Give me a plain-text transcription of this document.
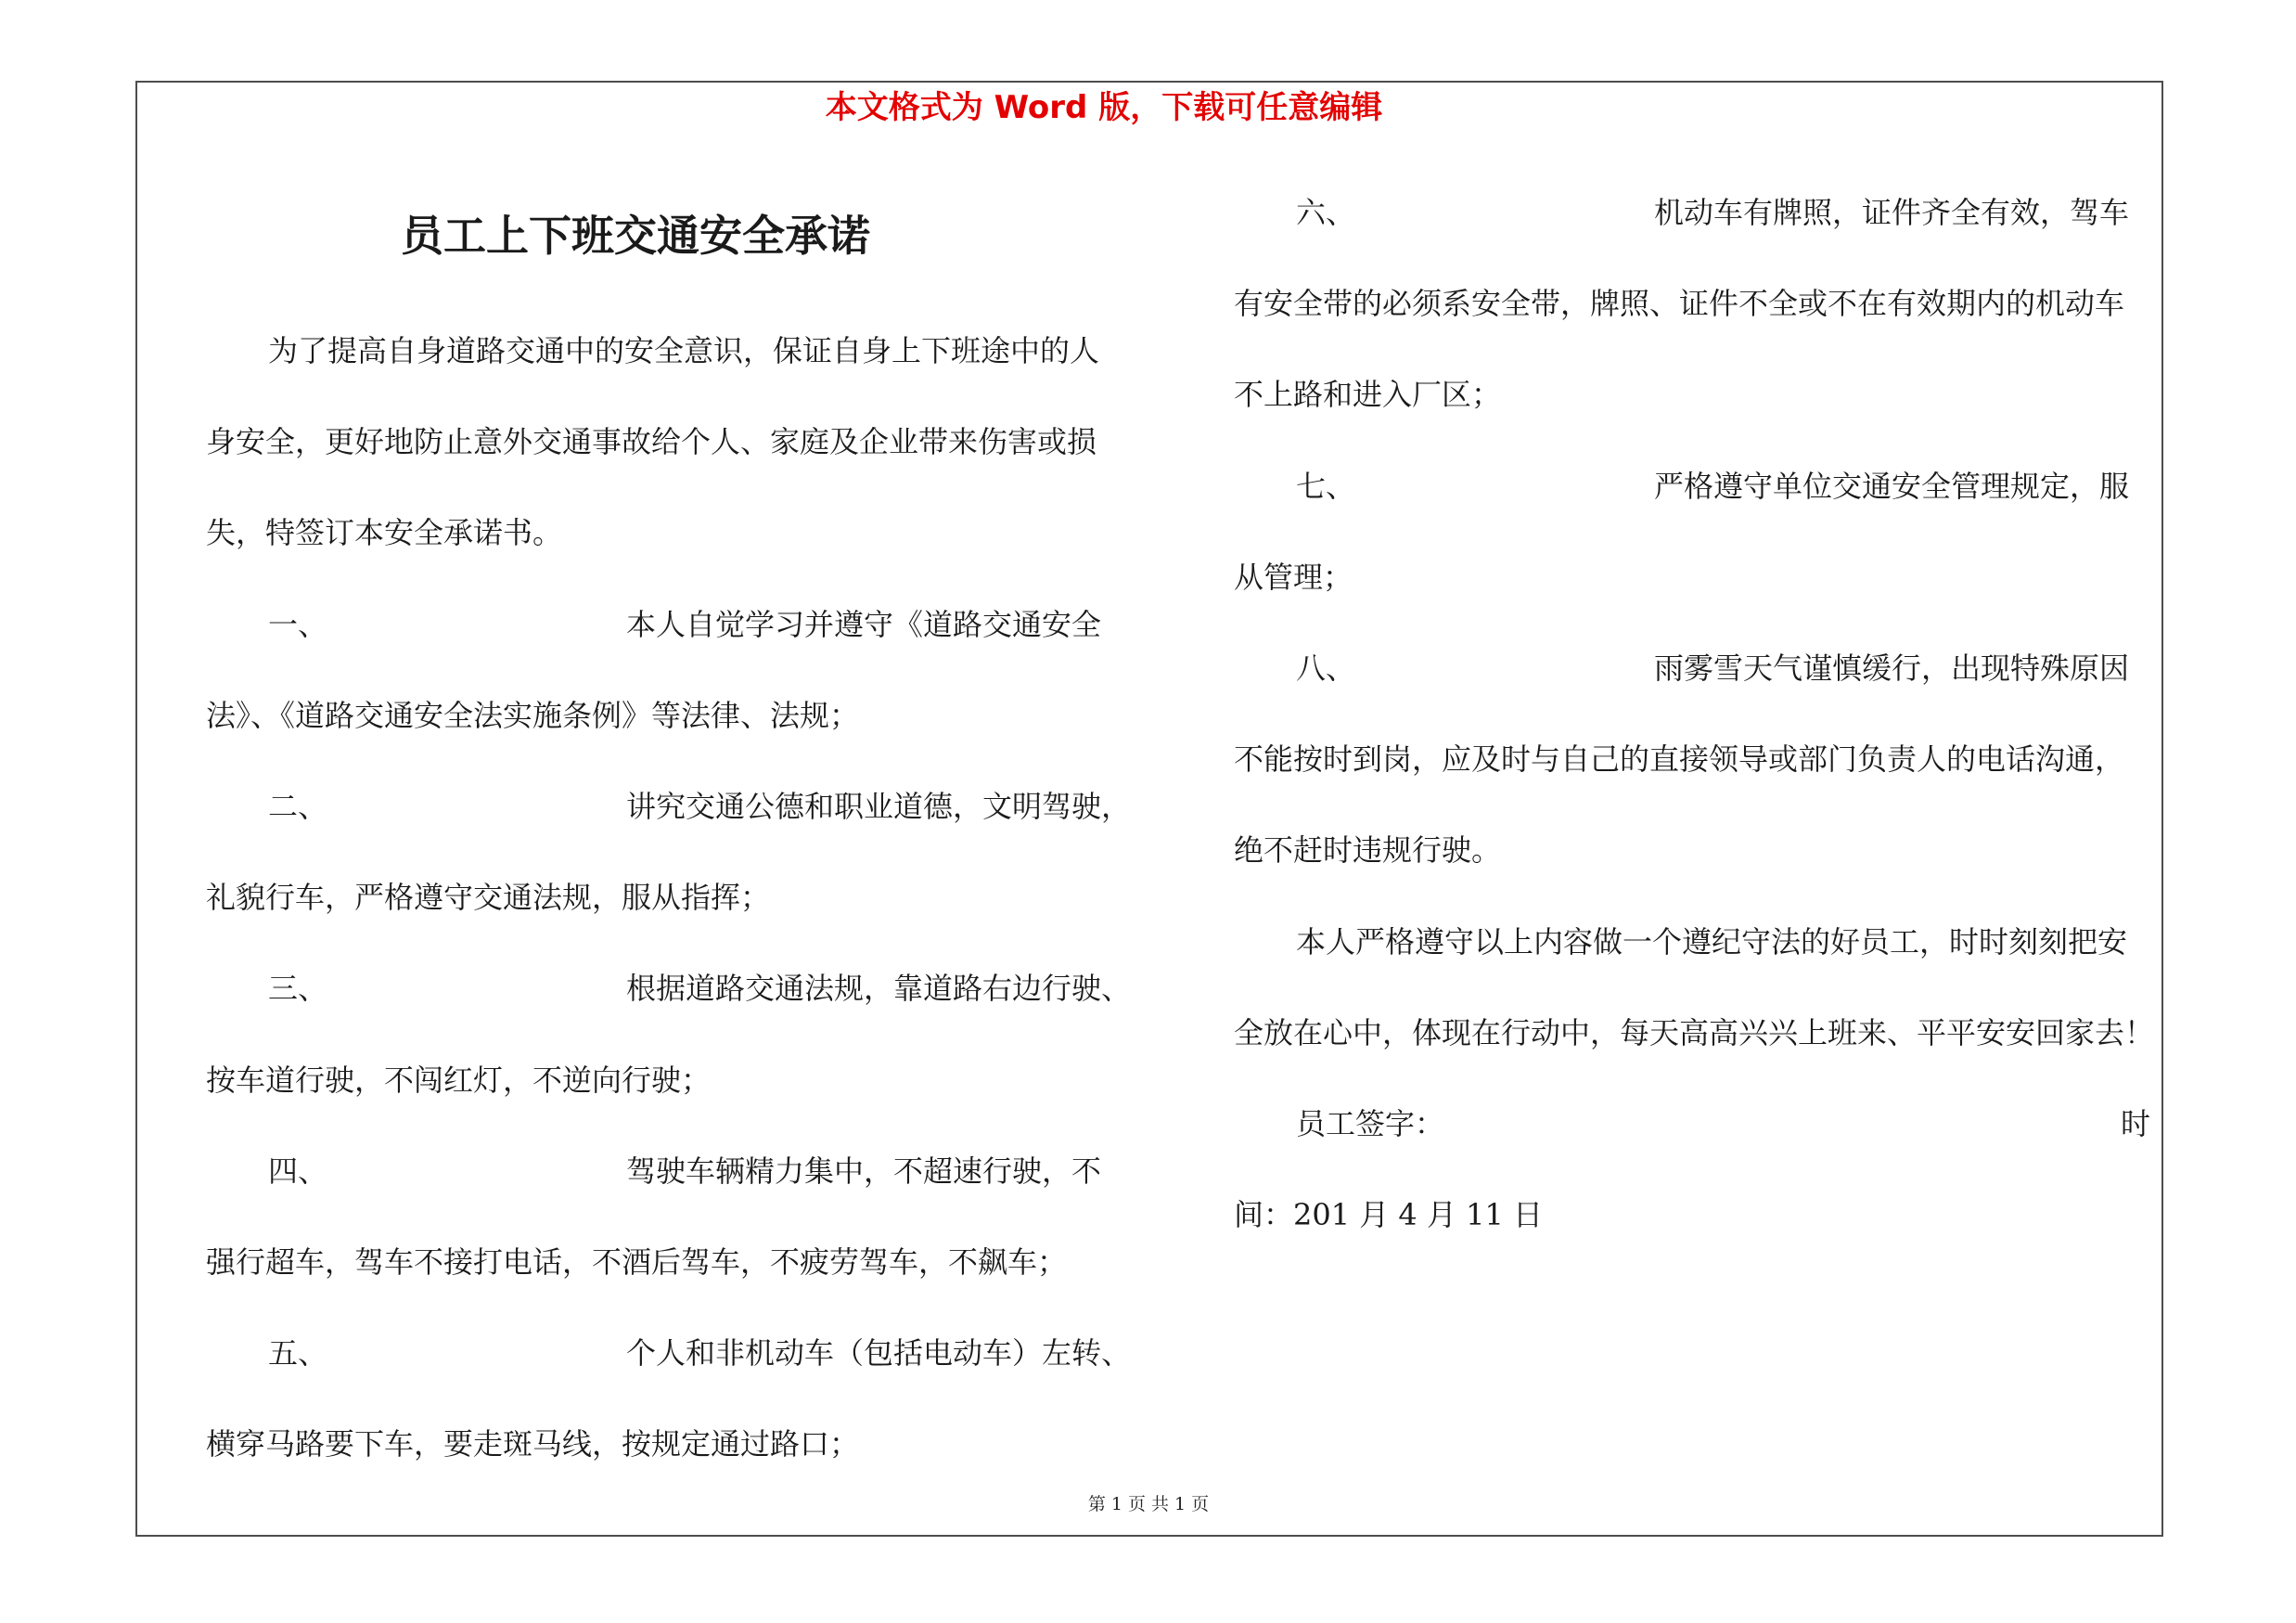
本文格式为 Word 版，下载可任意编辑
员工上下班交通安全承诺
为了提高自身道路交通中的安全意识，保证自身上下班途中的人
身安全，更好地防止意外交通事故给个人、家庭及企业带来伤害或损
失，特签订本安全承诺书。
一、	本人自觉学习并遵守《道路交通安全
法》、《道路交通安全法实施条例》等法律、法规；
二、	讲究交通公德和职业道德，文明驾驶，
礼貌行车，严格遵守交通法规，服从指挥；
三、	根据道路交通法规，靠道路右边行驶、
按车道行驶，不闯红灯，不逆向行驶；
四、	驾驶车辆精力集中，不超速行驶，不
强行超车，驾车不接打电话，不酒后驾车，不疲劳驾车，不飙车；
五、	个人和非机动车（包括电动车）左转、
横穿马路要下车，要走斑马线，按规定通过路口；
六、	机动车有牌照，证件齐全有效，驾车
有安全带的必须系安全带，牌照、证件不全或不在有效期内的机动车
不上路和进入厂区；
七、	严格遵守单位交通安全管理规定，服
从管理；
八、	雨雾雪天气谨慎缓行，出现特殊原因
不能按时到岗，应及时与自己的直接领导或部门负责人的电话沟通，
绝不赶时违规行驶。
本人严格遵守以上内容做一个遵纪守法的好员工，时时刻刻把安
全放在心中，体现在行动中，每天高高兴兴上班来、平平安安回家去！
员工签字：	时
间：201 月 4 月 11 日
第 1 页 共 1 页
